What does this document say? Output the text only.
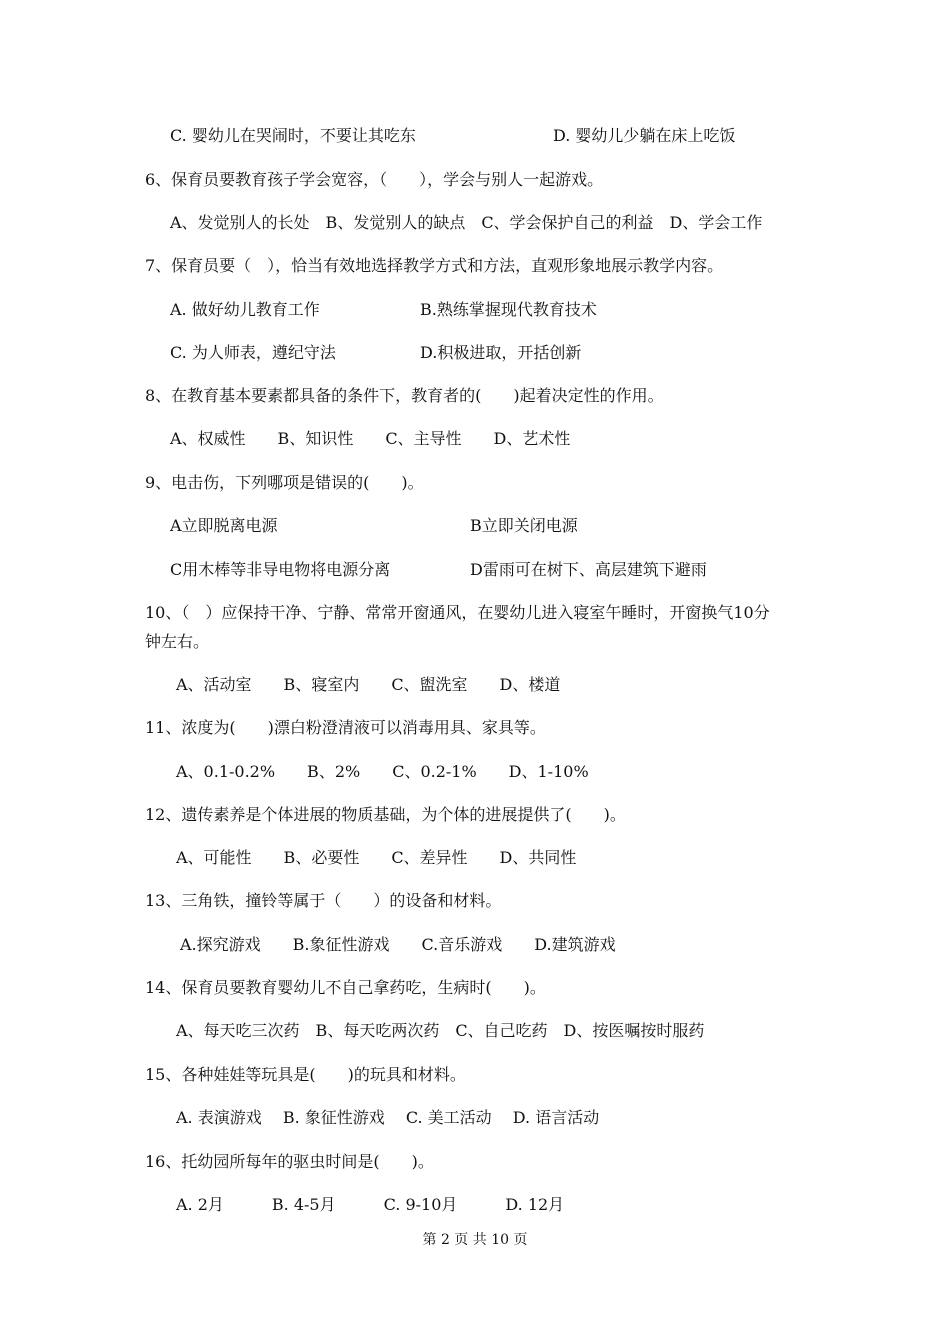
C. 婴幼儿在哭闹时，不要让其吃东	D. 婴幼儿少躺在床上吃饭
6、保育员要教育孩子学会宽容，（　　），学会与别人一起游戏。
A、发觉别人的长处　B、发觉别人的缺点　C、学会保护自己的利益　D、学会工作
7、保育员要（　），恰当有效地选择教学方式和方法，直观形象地展示教学内容。
A. 做好幼儿教育工作	B.熟练掌握现代教育技术
C. 为人师表，遵纪守法	D.积极进取，开括创新
8、在教育基本要素都具备的条件下，教育者的(　　)起着决定性的作用。
A、权威性　　B、知识性　　C、主导性　　D、艺术性
9、电击伤，下列哪项是错误的(　　)。
A立即脱离电源	B立即关闭电源
C用木棒等非导电物将电源分离	D雷雨可在树下、高层建筑下避雨
10、（　）应保持干净、宁静、常常开窗通风，在婴幼儿进入寝室午睡时，开窗换气10分
钟左右。
A、活动室　　B、寝室内　　C、盥洗室　　D、楼道
11、浓度为(　　)漂白粉澄清液可以消毒用具、家具等。
A、0.1-0.2%　　B、2%　　C、0.2-1%　　D、1-10%
12、遗传素养是个体进展的物质基础，为个体的进展提供了(　　)。
A、可能性　　B、必要性　　C、差异性　　D、共同性
13、三角铁，撞铃等属于（　　）的设备和材料。
A.探究游戏　　B.象征性游戏　　C.音乐游戏　　D.建筑游戏
14、保育员要教育婴幼儿不自己拿药吃，生病时(　　)。
A、每天吃三次药　B、每天吃两次药　C、自己吃药　D、按医嘱按时服药
15、各种娃娃等玩具是(　　)的玩具和材料。
A. 表演游戏　 B. 象征性游戏　 C. 美工活动　 D. 语言活动
16、托幼园所每年的驱虫时间是(　　)。
A. 2月　　　B. 4-5月　　　C. 9-10月　　　D. 12月
第 2 页 共 10 页
